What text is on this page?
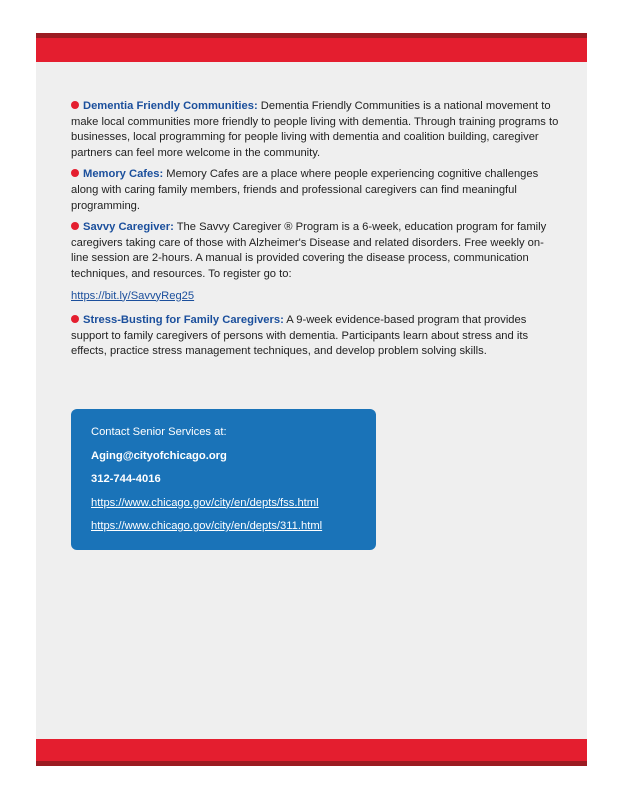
Dementia Friendly Communities: Dementia Friendly Communities is a national movement to make local communities more friendly to people living with dementia. Through training programs to businesses, local programming for people living with dementia and coalition building, caregiver partners can feel more welcome in the community.

Memory Cafes: Memory Cafes are a place where people experiencing cognitive challenges along with caring family members, friends and professional caregivers can find meaningful programming.

Savvy Caregiver: The Savvy Caregiver ® Program is a 6-week, education program for family caregivers taking care of those with Alzheimer's Disease and related disorders. Free weekly on-line session are 2-hours. A manual is provided covering the disease process, communication techniques, and resources. To register go to:

https://bit.ly/SavvyReg25

Stress-Busting for Family Caregivers: A 9-week evidence-based program that provides support to family caregivers of persons with dementia. Participants learn about stress and its effects, practice stress management techniques, and develop problem solving skills.

Contact Senior Services at:
Aging@cityofchicago.org
312-744-4016
https://www.chicago.gov/city/en/depts/fss.html
https://www.chicago.gov/city/en/depts/311.html
